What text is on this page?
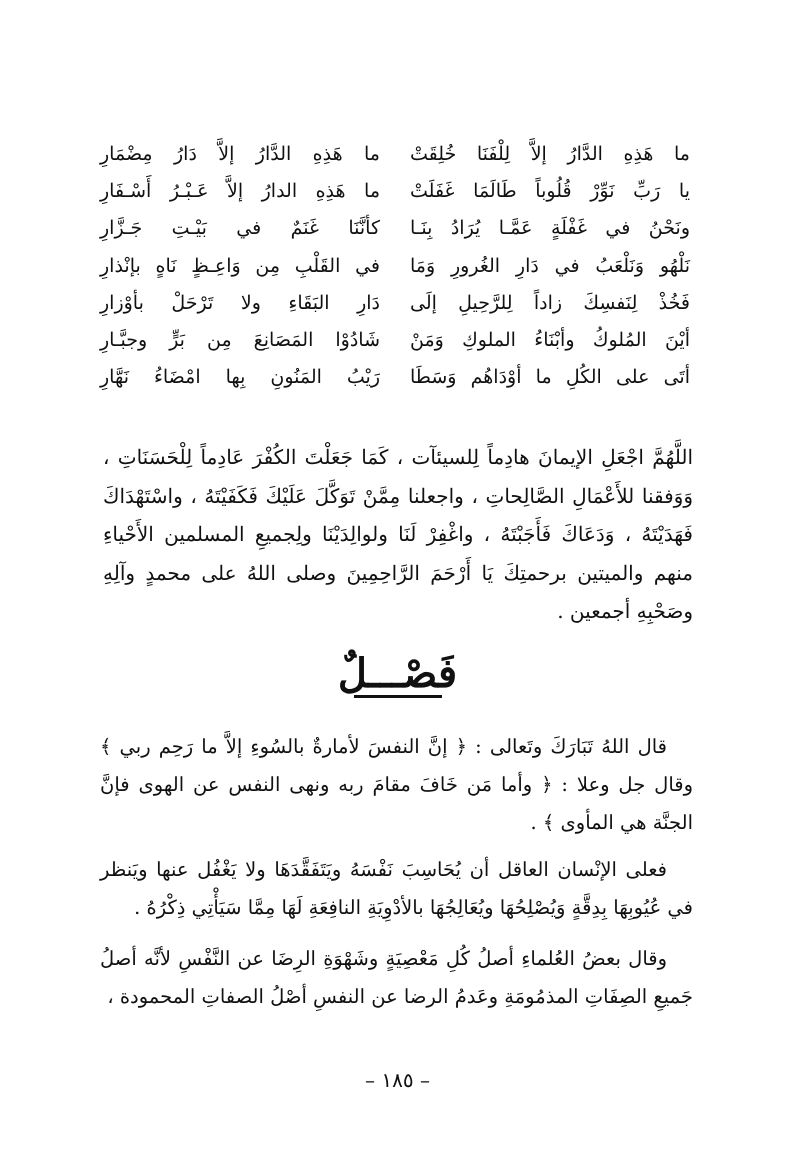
ما هَذِهِ الدَّارُ إلاَّ لِلْفَنَا خُلِقَتْ
ما هَذِهِ الدَّارُ إلاَّ دَارُ مِضْمَارِ
يا رَبِّ نَوِّرْ قُلُوباً طَالَمَا غَفَلَتْ
ما هَذِهِ الدارُ إلاَّ عَـبْـرُ أَسْـفَارِ
ونَحْنُ في غَفْلَةٍ عَمَّـا يُرَادُ بِنَـا
كأنَّنَا غَنَمٌ في بَيْـتِ جَـزَّارِ
نَلْهُو وَنَلْعَبُ في دَارِ الغُرورِ وَمَا
في القَلْبِ مِن وَاعِـظٍ نَاهٍ بإنْذارِ
فَخُذْ لِنَفسِكَ زاداً لِلرَّحِيلِ إلَى
دَارِ البَقَاءِ ولا تَرْحَلْ بأوْزارِ
أيْنَ المُلوكُ وأبْنَاءُ الملوكِ وَمَنْ
شَادُوْا المَصَانِعَ مِن بَرٍّ وجبَّـارِ
أتَى على الكُلِ ما أوْدَاهُم وَسَطَا
رَيْبُ المَنُونِ بِها امْضَاءُ نَهَّارِ
اللَّهُمَّ اجْعَلِ الإيمانَ هادِماً لِلسيئآت ، كَمَا جَعَلْتَ الكُفْرَ عَادِماً لِلْحَسَنَاتِ ، وَوَفقنا للأَعْمَالِ الصَّالِحاتِ ، واجعلنا مِمَّنْ تَوَكَّلَ عَلَيْكَ فَكَفَيْتَهُ ، واسْتَهْدَاكَ فَهَدَيْتَهُ ، وَدَعَاكَ فَأَجَبْتَهُ ، واغْفِرْ لَنَا ولوالِدَيْنَا ولِجميعِ المسلمين الأَحْياءِ منهم والميتين برحمتِكَ يَا أَرْحَمَ الرَّاحِمِينَ وصلى اللهُ على محمدٍ وآلِهِ وصَحْبِهِ أجمعين .
فَصْـــلٌ
قال اللهُ تَبَارَكَ وتَعالى : ﴿ إنَّ النفسَ لأمارةٌ بالسُوءِ إلاَّ ما رَحِم ربي ﴾ وقال جل وعلا : ﴿ وأما مَن خَافَ مقامَ ربه ونهى النفس عن الهوى فإنَّ الجنَّة هي المأوى ﴾ .
فعلى الإنْسان العاقل أن يُحَاسِبَ نَفْسَهُ ويَتَفَقَّدَهَا ولا يَغْفُل عنها ويَنظر في عُيُوبِهَا بِدِقَّةٍ وَيُصْلِحُهَا ويُعَالِجُهَا بالأدْوِيَةِ النافِعَةِ لَهَا مِمَّا سَيَأْتِي ذِكْرُهُ .
وقال بعضُ العُلماءِ أصلُ كُلِ مَعْصِيَةٍ وشَهْوَةِ الرِضَا عن النَّفْسِ لأنَّه أصلُ جَميعِ الصِفَاتِ المذمُومَةِ وعَدمُ الرضا عن النفسِ أصْلُ الصفاتِ المحمودة ،
– ١٨٥ –
